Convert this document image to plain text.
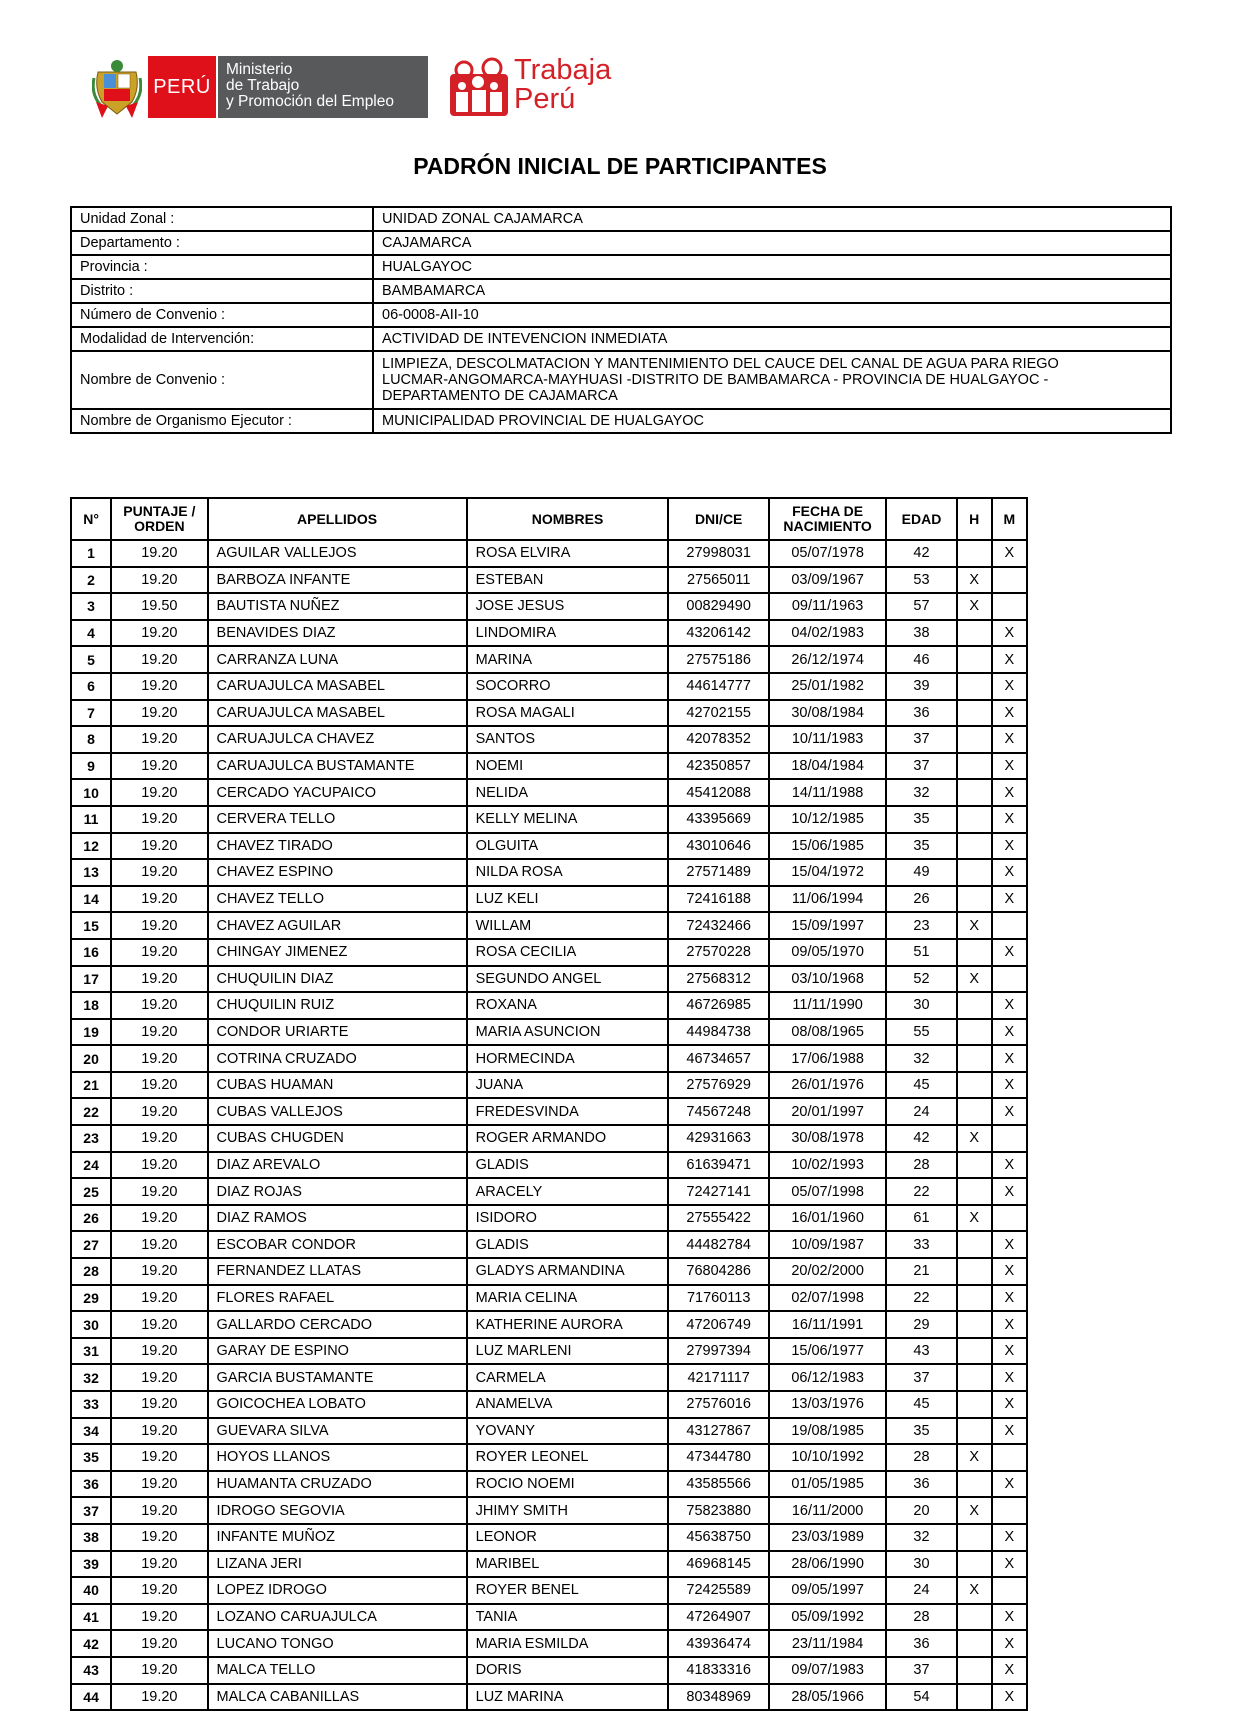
PERÚ
Ministerio
de Trabajo
y Promoción del Empleo
Trabaja
Perú
PADRÓN INICIAL DE PARTICIPANTES
Unidad Zonal :	UNIDAD ZONAL CAJAMARCA
Departamento :	CAJAMARCA
Provincia :	HUALGAYOC
Distrito :	BAMBAMARCA
Número de Convenio :	06-0008-AII-10
Modalidad de Intervención:	ACTIVIDAD DE INTEVENCION INMEDIATA
Nombre de Convenio :	LIMPIEZA, DESCOLMATACION Y MANTENIMIENTO DEL CAUCE DEL CANAL DE AGUA PARA RIEGO
LUCMAR-ANGOMARCA-MAYHUASI -DISTRITO DE BAMBAMARCA - PROVINCIA DE HUALGAYOC -
DEPARTAMENTO DE CAJAMARCA

Nombre de Organismo Ejecutor :	MUNICIPALIDAD PROVINCIAL DE HUALGAYOC
N°	PUNTAJE / ORDEN	APELLIDOS	NOMBRES	DNI/CE	FECHA DE NACIMIENTO	EDAD	H	M
1	19.20	AGUILAR VALLEJOS	ROSA ELVIRA	27998031	05/07/1978	42		X
2	19.20	BARBOZA INFANTE	ESTEBAN	27565011	03/09/1967	53	X	
3	19.50	BAUTISTA NUÑEZ	JOSE JESUS	00829490	09/11/1963	57	X	
4	19.20	BENAVIDES DIAZ	LINDOMIRA	43206142	04/02/1983	38		X
5	19.20	CARRANZA LUNA	MARINA	27575186	26/12/1974	46		X
6	19.20	CARUAJULCA MASABEL	SOCORRO	44614777	25/01/1982	39		X
7	19.20	CARUAJULCA MASABEL	ROSA MAGALI	42702155	30/08/1984	36		X
8	19.20	CARUAJULCA CHAVEZ	SANTOS	42078352	10/11/1983	37		X
9	19.20	CARUAJULCA BUSTAMANTE	NOEMI	42350857	18/04/1984	37		X
10	19.20	CERCADO YACUPAICO	NELIDA	45412088	14/11/1988	32		X
11	19.20	CERVERA TELLO	KELLY MELINA	43395669	10/12/1985	35		X
12	19.20	CHAVEZ TIRADO	OLGUITA	43010646	15/06/1985	35		X
13	19.20	CHAVEZ ESPINO	NILDA ROSA	27571489	15/04/1972	49		X
14	19.20	CHAVEZ TELLO	LUZ KELI	72416188	11/06/1994	26		X
15	19.20	CHAVEZ AGUILAR	WILLAM	72432466	15/09/1997	23	X	
16	19.20	CHINGAY JIMENEZ	ROSA CECILIA	27570228	09/05/1970	51		X
17	19.20	CHUQUILIN DIAZ	SEGUNDO ANGEL	27568312	03/10/1968	52	X	
18	19.20	CHUQUILIN RUIZ	ROXANA	46726985	11/11/1990	30		X
19	19.20	CONDOR URIARTE	MARIA ASUNCION	44984738	08/08/1965	55		X
20	19.20	COTRINA CRUZADO	HORMECINDA	46734657	17/06/1988	32		X
21	19.20	CUBAS HUAMAN	JUANA	27576929	26/01/1976	45		X
22	19.20	CUBAS VALLEJOS	FREDESVINDA	74567248	20/01/1997	24		X
23	19.20	CUBAS CHUGDEN	ROGER ARMANDO	42931663	30/08/1978	42	X	
24	19.20	DIAZ AREVALO	GLADIS	61639471	10/02/1993	28		X
25	19.20	DIAZ ROJAS	ARACELY	72427141	05/07/1998	22		X
26	19.20	DIAZ RAMOS	ISIDORO	27555422	16/01/1960	61	X	
27	19.20	ESCOBAR CONDOR	GLADIS	44482784	10/09/1987	33		X
28	19.20	FERNANDEZ LLATAS	GLADYS ARMANDINA	76804286	20/02/2000	21		X
29	19.20	FLORES RAFAEL	MARIA CELINA	71760113	02/07/1998	22		X
30	19.20	GALLARDO CERCADO	KATHERINE AURORA	47206749	16/11/1991	29		X
31	19.20	GARAY DE ESPINO	LUZ MARLENI	27997394	15/06/1977	43		X
32	19.20	GARCIA BUSTAMANTE	CARMELA	42171117	06/12/1983	37		X
33	19.20	GOICOCHEA LOBATO	ANAMELVA	27576016	13/03/1976	45		X
34	19.20	GUEVARA SILVA	YOVANY	43127867	19/08/1985	35		X
35	19.20	HOYOS LLANOS	ROYER LEONEL	47344780	10/10/1992	28	X	
36	19.20	HUAMANTA CRUZADO	ROCIO NOEMI	43585566	01/05/1985	36		X
37	19.20	IDROGO SEGOVIA	JHIMY SMITH	75823880	16/11/2000	20	X	
38	19.20	INFANTE MUÑOZ	LEONOR	45638750	23/03/1989	32		X
39	19.20	LIZANA JERI	MARIBEL	46968145	28/06/1990	30		X
40	19.20	LOPEZ IDROGO	ROYER BENEL	72425589	09/05/1997	24	X	
41	19.20	LOZANO CARUAJULCA	TANIA	47264907	05/09/1992	28		X
42	19.20	LUCANO TONGO	MARIA ESMILDA	43936474	23/11/1984	36		X
43	19.20	MALCA TELLO	DORIS	41833316	09/07/1983	37		X
44	19.20	MALCA CABANILLAS	LUZ MARINA	80348969	28/05/1966	54		X
